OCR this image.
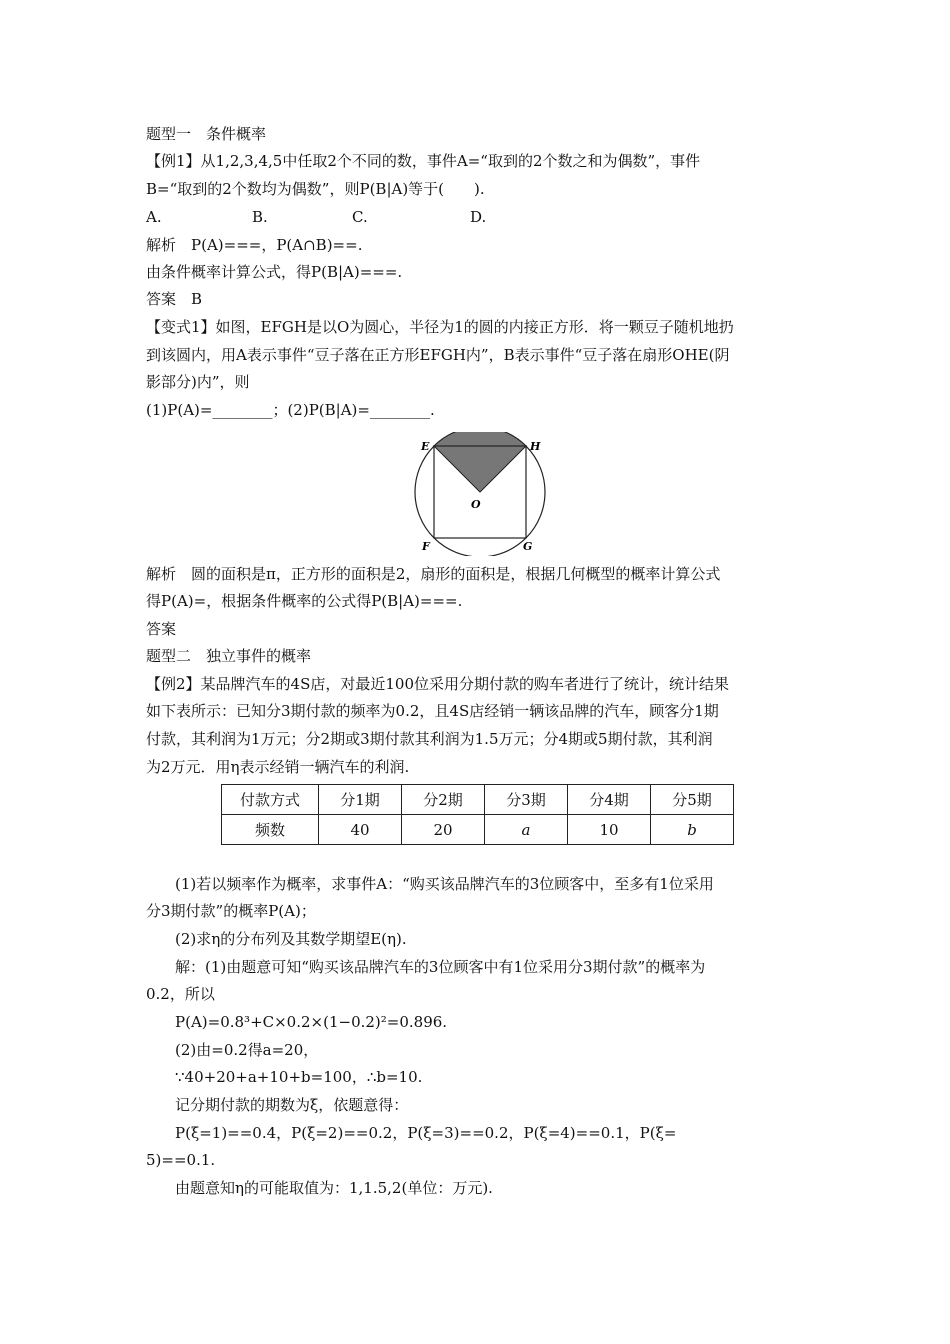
题型一　条件概率
【例1】从1,2,3,4,5中任取2个不同的数，事件A=“取到的2个数之和为偶数”，事件
B=“取到的2个数均为偶数”，则P(B|A)等于(　　).
A.	B.	C.	D.
解析　P(A)===，P(A∩B)==.
由条件概率计算公式，得P(B|A)===.
答案　B
【变式1】如图，EFGH是以O为圆心，半径为1的圆的内接正方形．将一颗豆子随机地扔
到该圆内，用A表示事件“豆子落在正方形EFGH内”，B表示事件“豆子落在扇形OHE(阴
影部分)内”，则
(1)P(A)=________；(2)P(B|A)=________.
E	H
O
F	G
解析　圆的面积是π，正方形的面积是2，扇形的面积是，根据几何概型的概率计算公式
得P(A)=，根据条件概率的公式得P(B|A)===.
答案
题型二　独立事件的概率
【例2】某品牌汽车的4S店，对最近100位采用分期付款的购车者进行了统计，统计结果
如下表所示：已知分3期付款的频率为0.2，且4S店经销一辆该品牌的汽车，顾客分1期
付款，其利润为1万元；分2期或3期付款其利润为1.5万元；分4期或5期付款，其利润
为2万元．用η表示经销一辆汽车的利润.
付款方式	分1期	分2期	分3期	分4期	分5期
频数	40	20	a	10	b
(1)若以频率作为概率，求事件A：“购买该品牌汽车的3位顾客中，至多有1位采用
分3期付款”的概率P(A)；
(2)求η的分布列及其数学期望E(η).
解：(1)由题意可知“购买该品牌汽车的3位顾客中有1位采用分3期付款”的概率为
0.2，所以
P(A)=0.8³+C×0.2×(1−0.2)²=0.896.
(2)由=0.2得a=20，
∵40+20+a+10+b=100，∴b=10.
记分期付款的期数为ξ，依题意得：
P(ξ=1)==0.4，P(ξ=2)==0.2，P(ξ=3)==0.2，P(ξ=4)==0.1，P(ξ=
5)==0.1.
由题意知η的可能取值为：1,1.5,2(单位：万元).
